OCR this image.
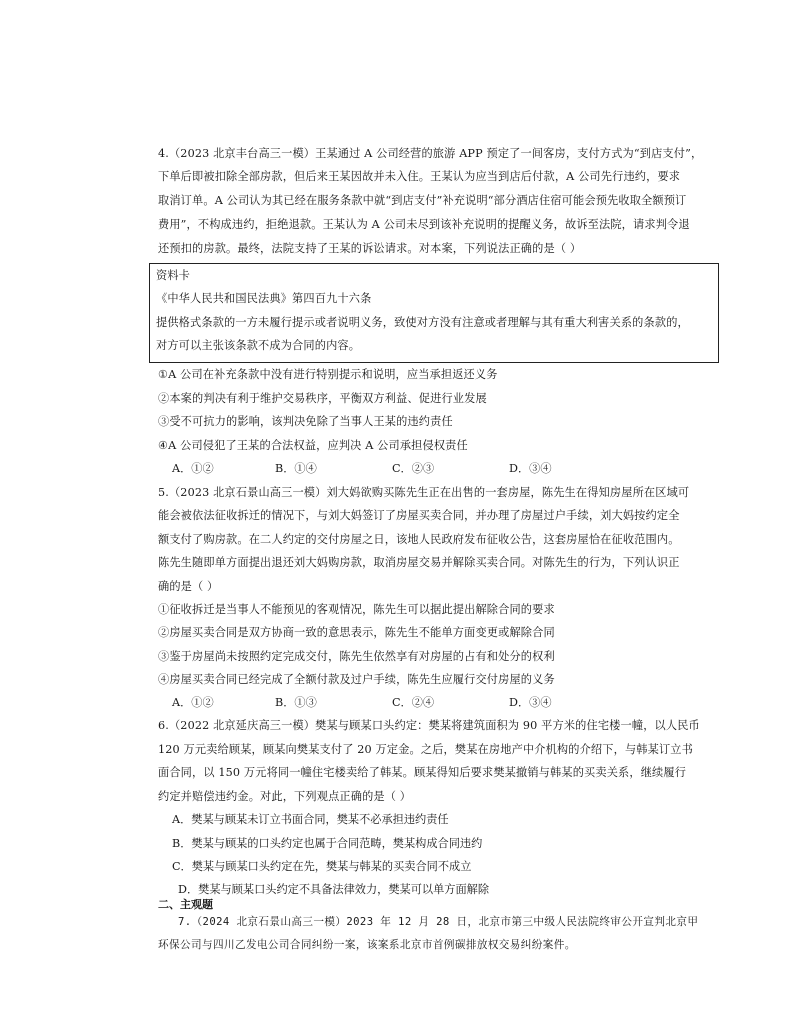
4.（2023 北京丰台高三一模）王某通过 A 公司经营的旅游 APP 预定了一间客房，支付方式为“到店支付”，
下单后即被扣除全部房款，但后来王某因故并未入住。王某认为应当到店后付款，A 公司先行违约，要求
取消订单。A 公司认为其已经在服务条款中就“到店支付”补充说明“部分酒店住宿可能会预先收取全额预订
费用”，不构成违约，拒绝退款。王某认为 A 公司未尽到该补充说明的提醒义务，故诉至法院，请求判令退
还预扣的房款。最终，法院支持了王某的诉讼请求。对本案，下列说法正确的是（ ）
资料卡
《中华人民共和国民法典》第四百九十六条
提供格式条款的一方未履行提示或者说明义务，致使对方没有注意或者理解与其有重大利害关系的条款的，
对方可以主张该条款不成为合同的内容。
①A 公司在补充条款中没有进行特别提示和说明，应当承担返还义务
②本案的判决有利于维护交易秩序，平衡双方利益、促进行业发展
③受不可抗力的影响，该判决免除了当事人王某的违约责任
④A 公司侵犯了王某的合法权益，应判决 A 公司承担侵权责任
A．①②	B．①④	C．②③	D．③④
5.（2023 北京石景山高三一模）刘大妈欲购买陈先生正在出售的一套房屋，陈先生在得知房屋所在区域可
能会被依法征收拆迁的情况下，与刘大妈签订了房屋买卖合同，并办理了房屋过户手续，刘大妈按约定全
额支付了购房款。在二人约定的交付房屋之日，该地人民政府发布征收公告，这套房屋恰在征收范围内。
陈先生随即单方面提出退还刘大妈购房款，取消房屋交易并解除买卖合同。对陈先生的行为，下列认识正
确的是（ ）
①征收拆迁是当事人不能预见的客观情况，陈先生可以据此提出解除合同的要求
②房屋买卖合同是双方协商一致的意思表示，陈先生不能单方面变更或解除合同
③鉴于房屋尚未按照约定完成交付，陈先生依然享有对房屋的占有和处分的权利
④房屋买卖合同已经完成了全额付款及过户手续，陈先生应履行交付房屋的义务
A．①②	B．①③	C．②④	D．③④
6.（2022 北京延庆高三一模）樊某与顾某口头约定：樊某将建筑面积为 90 平方米的住宅楼一幢，以人民币
120 万元卖给顾某，顾某向樊某支付了 20 万定金。之后，樊某在房地产中介机构的介绍下，与韩某订立书
面合同，以 150 万元将同一幢住宅楼卖给了韩某。顾某得知后要求樊某撤销与韩某的买卖关系，继续履行
约定并赔偿违约金。对此，下列观点正确的是（ ）
A．樊某与顾某未订立书面合同，樊某不必承担违约责任
B．樊某与顾某的口头约定也属于合同范畴，樊某构成合同违约
C．樊某与顾某口头约定在先，樊某与韩某的买卖合同不成立
D．樊某与顾某口头约定不具备法律效力，樊某可以单方面解除
二、主观题
7.（2024 北京石景山高三一模）2023 年 12 月 28 日，北京市第三中级人民法院终审公开宣判北京甲
环保公司与四川乙发电公司合同纠纷一案，该案系北京市首例碳排放权交易纠纷案件。
